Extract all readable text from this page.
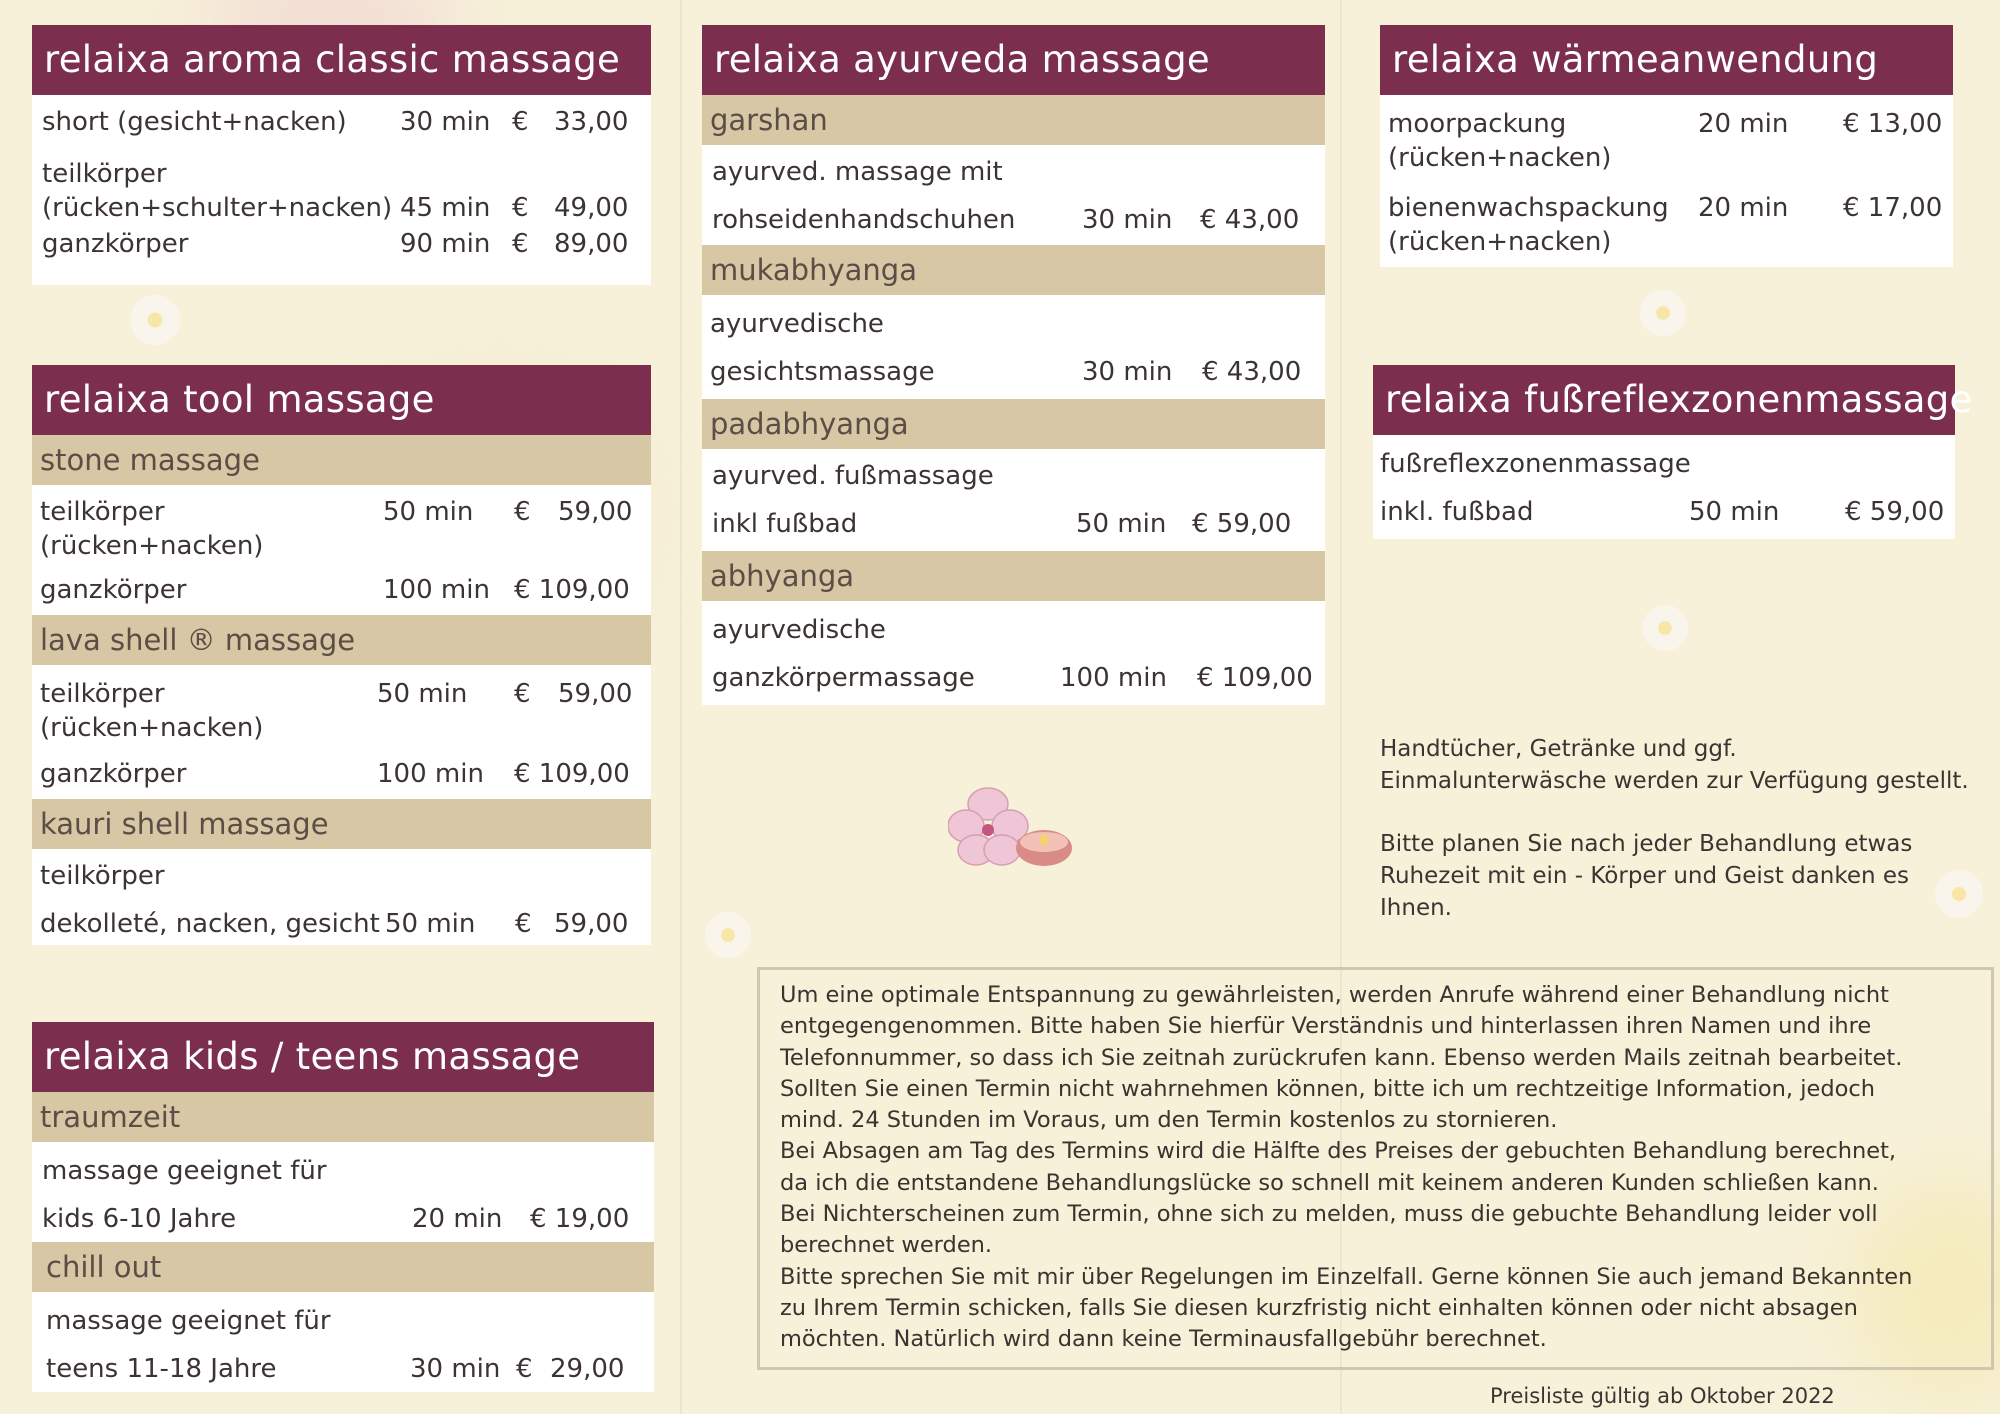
relaixa aroma classic massage
short (gesicht+nacken) 30 min € 33,00
teilkörper
(rücken+schulter+nacken) 45 min € 49,00
ganzkörper	90 min € 89,00
relaixa tool massage
stone massage
teilkörper
(rücken+nacken)
50 min € 59,00
ganzkörper	100 min € 109,00
lava shell ® massage
teilkörper
(rücken+nacken)
50 min € 59,00
ganzkörper	100 min € 109,00
kauri shell massage
teilkörper
dekolleté, nacken, gesicht 50 min € 59,00
relaixa kids / teens massage
traumzeit
massage geeignet für
kids 6-10 Jahre	20 min € 19,00
chill out
massage geeignet für
teens 11-18 Jahre	30 min € 29,00
relaixa ayurveda massage
garshan
ayurved. massage mit
rohseidenhandschuhen	30 min € 43,00
mukabhyanga
ayurvedische
gesichtsmassage	30 min € 43,00
padabhyanga
ayurved. fußmassage
inkl fußbad	50 min € 59,00
abhyanga
ayurvedische
ganzkörpermassage	100 min € 109,00
relaixa wärmeanwendung
moorpackung
(rücken+nacken)
20 min € 13,00
bienenwachspackung
(rücken+nacken)
20 min € 17,00
relaixa fußreflexzonenmassage
fußreflexzonenmassage
inkl. fußbad	50 min	€ 59,00
Handtücher, Getränke und ggf.
Einmalunterwäsche werden zur Verfügung gestellt.
Bitte planen Sie nach jeder Behandlung etwas
Ruhezeit mit ein - Körper und Geist danken es
Ihnen.

Um eine optimale Entspannung zu gewährleisten, werden Anrufe während einer Behandlung nicht

entgegengenommen. Bitte haben Sie hierfür Verständnis und hinterlassen ihren Namen und ihre

Telefonnummer, so dass ich Sie zeitnah zurückrufen kann. Ebenso werden Mails zeitnah bearbeitet.

Sollten Sie einen Termin nicht wahrnehmen können, bitte ich um rechtzeitige Information, jedoch

mind. 24 Stunden im Voraus, um den Termin kostenlos zu stornieren.

Bei Absagen am Tag des Termins wird die Hälfte des Preises der gebuchten Behandlung berechnet,

da ich die entstandene Behandlungslücke so schnell mit keinem anderen Kunden schließen kann.

Bei Nichterscheinen zum Termin, ohne sich zu melden, muss die gebuchte Behandlung leider voll

berechnet werden.

Bitte sprechen Sie mit mir über Regelungen im Einzelfall. Gerne können Sie auch jemand Bekannten

zu Ihrem Termin schicken, falls Sie diesen kurzfristig nicht einhalten können oder nicht absagen

möchten. Natürlich wird dann keine Terminausfallgebühr berechnet.

Preisliste gültig ab Oktober 2022
